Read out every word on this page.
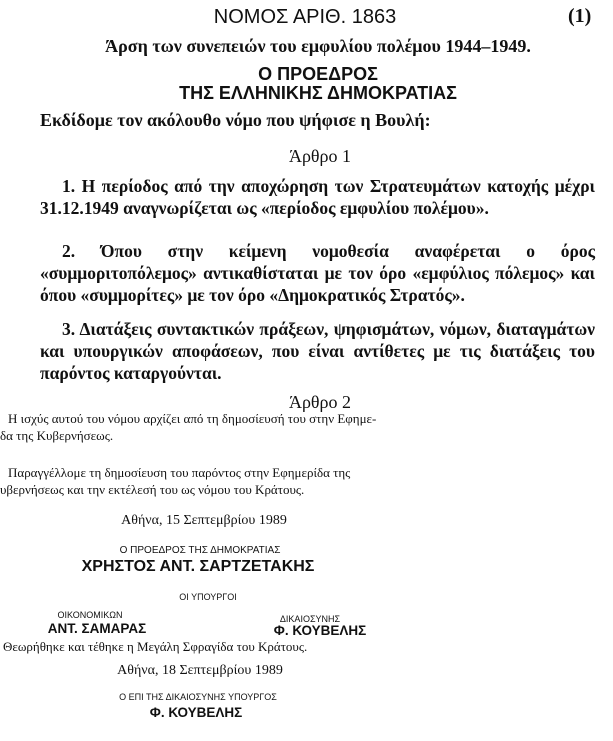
ΝΟΜΟΣ ΑΡΙΘ. 1863	(1)
Άρση των συνεπειών του εμφυλίου πολέμου 1944–1949.
Ο ΠΡΟΕΔΡΟΣ
ΤΗΣ ΕΛΛΗΝΙΚΗΣ ΔΗΜΟΚΡΑΤΙΑΣ
Εκδίδομε τον ακόλουθο νόμο που ψήφισε η Βουλή:
Άρθρο 1
1. Η περίοδος από την αποχώρηση των Στρατευμάτων κατοχής μέχρι 31.12.1949 αναγνωρίζεται ως «περίοδος εμφυλίου πολέμου».
2. Όπου στην κείμενη νομοθεσία αναφέρεται ο όρος «συμμοριτοπόλεμος» αντικαθίσταται με τον όρο «εμφύλιος πόλεμος» και όπου «συμμορίτες» με τον όρο «Δημοκρατικός Στρατός».
3. Διατάξεις συντακτικών πράξεων, ψηφισμάτων, νόμων, διαταγμάτων και υπουργικών αποφάσεων, που είναι αντίθετες με τις διατάξεις του παρόντος καταργούνται.
Άρθρο 2
Η ισχύς αυτού του νόμου αρχίζει από τη δημοσίευσή του στην Εφημε-
δα της Κυβερνήσεως.
Παραγγέλλομε τη δημοσίευση του παρόντος στην Εφημερίδα της
υβερνήσεως και την εκτέλεσή του ως νόμου του Κράτους.
Αθήνα, 15 Σεπτεμβρίου 1989
Ο ΠΡΟΕΔΡΟΣ ΤΗΣ ΔΗΜΟΚΡΑΤΙΑΣ
ΧΡΗΣΤΟΣ ΑΝΤ. ΣΑΡΤΖΕΤΑΚΗΣ
ΟΙ ΥΠΟΥΡΓΟΙ
ΟΙΚΟΝΟΜΙΚΩΝ
ΑΝΤ. ΣΑΜΑΡΑΣ
ΔΙΚΑΙΟΣΥΝΗΣ
Φ. ΚΟΥΒΕΛΗΣ
Θεωρήθηκε και τέθηκε η Μεγάλη Σφραγίδα του Κράτους.
Αθήνα, 18 Σεπτεμβρίου 1989
Ο ΕΠΙ ΤΗΣ ΔΙΚΑΙΟΣΥΝΗΣ ΥΠΟΥΡΓΟΣ
Φ. ΚΟΥΒΕΛΗΣ
